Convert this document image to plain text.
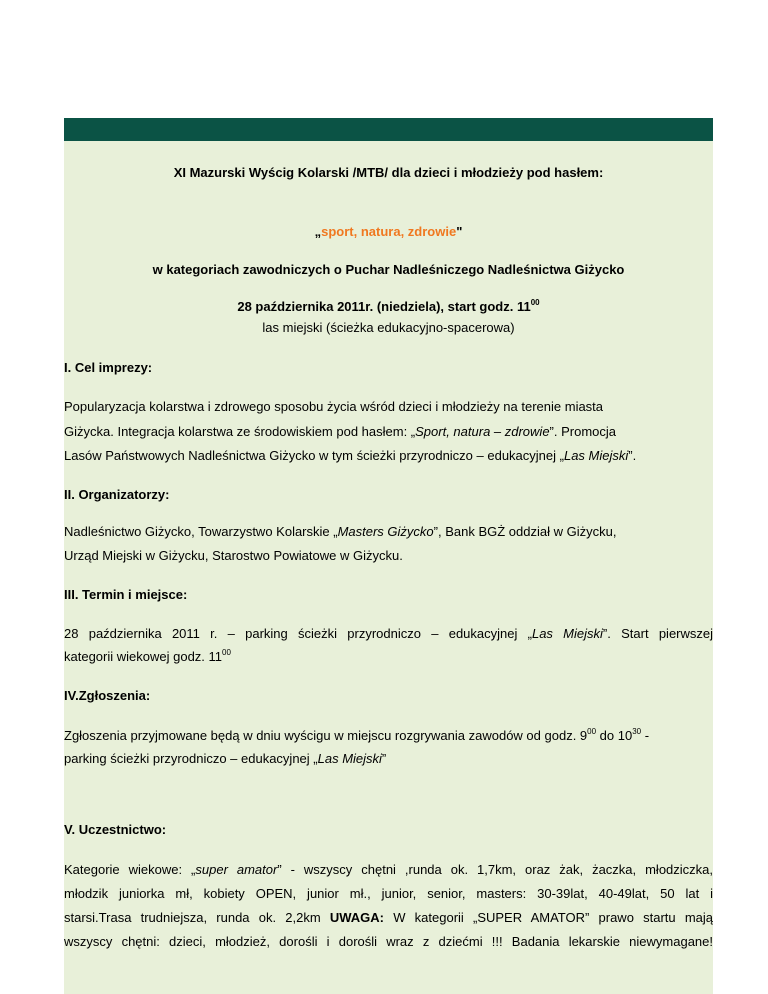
XI Mazurski Wyścig Kolarski /MTB/ dla dzieci i młodzieży pod hasłem:
„sport, natura, zdrowie"
w kategoriach zawodniczych o Puchar Nadleśniczego Nadleśnictwa Giżycko
28 października 2011r. (niedziela), start godz. $11^{00}$
las miejski (ścieżka edukacyjno-spacerowa)
I. Cel imprezy:
Popularyzacja kolarstwa i zdrowego sposobu życia wśród dzieci i młodzieży na terenie miasta
Giżycka. Integracja kolarstwa ze środowiskiem pod hasłem: „Sport, natura – zdrowie”. Promocja
Lasów Państwowych Nadleśnictwa Giżycko w tym ścieżki przyrodniczo – edukacyjnej „Las Miejski”.
II. Organizatorzy:
Nadleśnictwo Giżycko, Towarzystwo Kolarskie „Masters Giżycko”, Bank BGŻ oddział w Giżycku,
Urząd Miejski w Giżycku, Starostwo Powiatowe w Giżycku.
III. Termin i miejsce:
28 października 2011 r. – parking ścieżki przyrodniczo – edukacyjnej „Las Miejski”. Start pierwszej
kategorii wiekowej godz. $11^{00}$
IV.Zgłoszenia:
Zgłoszenia przyjmowane będą w dniu wyścigu w miejscu rozgrywania zawodów od godz. $9^{00}$ do $10^{30}$ -
parking ścieżki przyrodniczo – edukacyjnej „Las Miejski”
V. Uczestnictwo:
Kategorie wiekowe: „super amator” - wszyscy chętni ,runda ok. 1,7km, oraz żak, żaczka, młodziczka,
młodzik juniorka mł, kobiety OPEN, junior mł., junior, senior, masters: 30-39lat, 40-49lat, 50 lat i
starsi.Trasa trudniejsza, runda ok. 2,2km UWAGA: W kategorii „SUPER AMATOR” prawo startu mają
wszyscy chętni: dzieci, młodzież, dorośli i dorośli wraz z dziećmi !!! Badania lekarskie niewymagane!
